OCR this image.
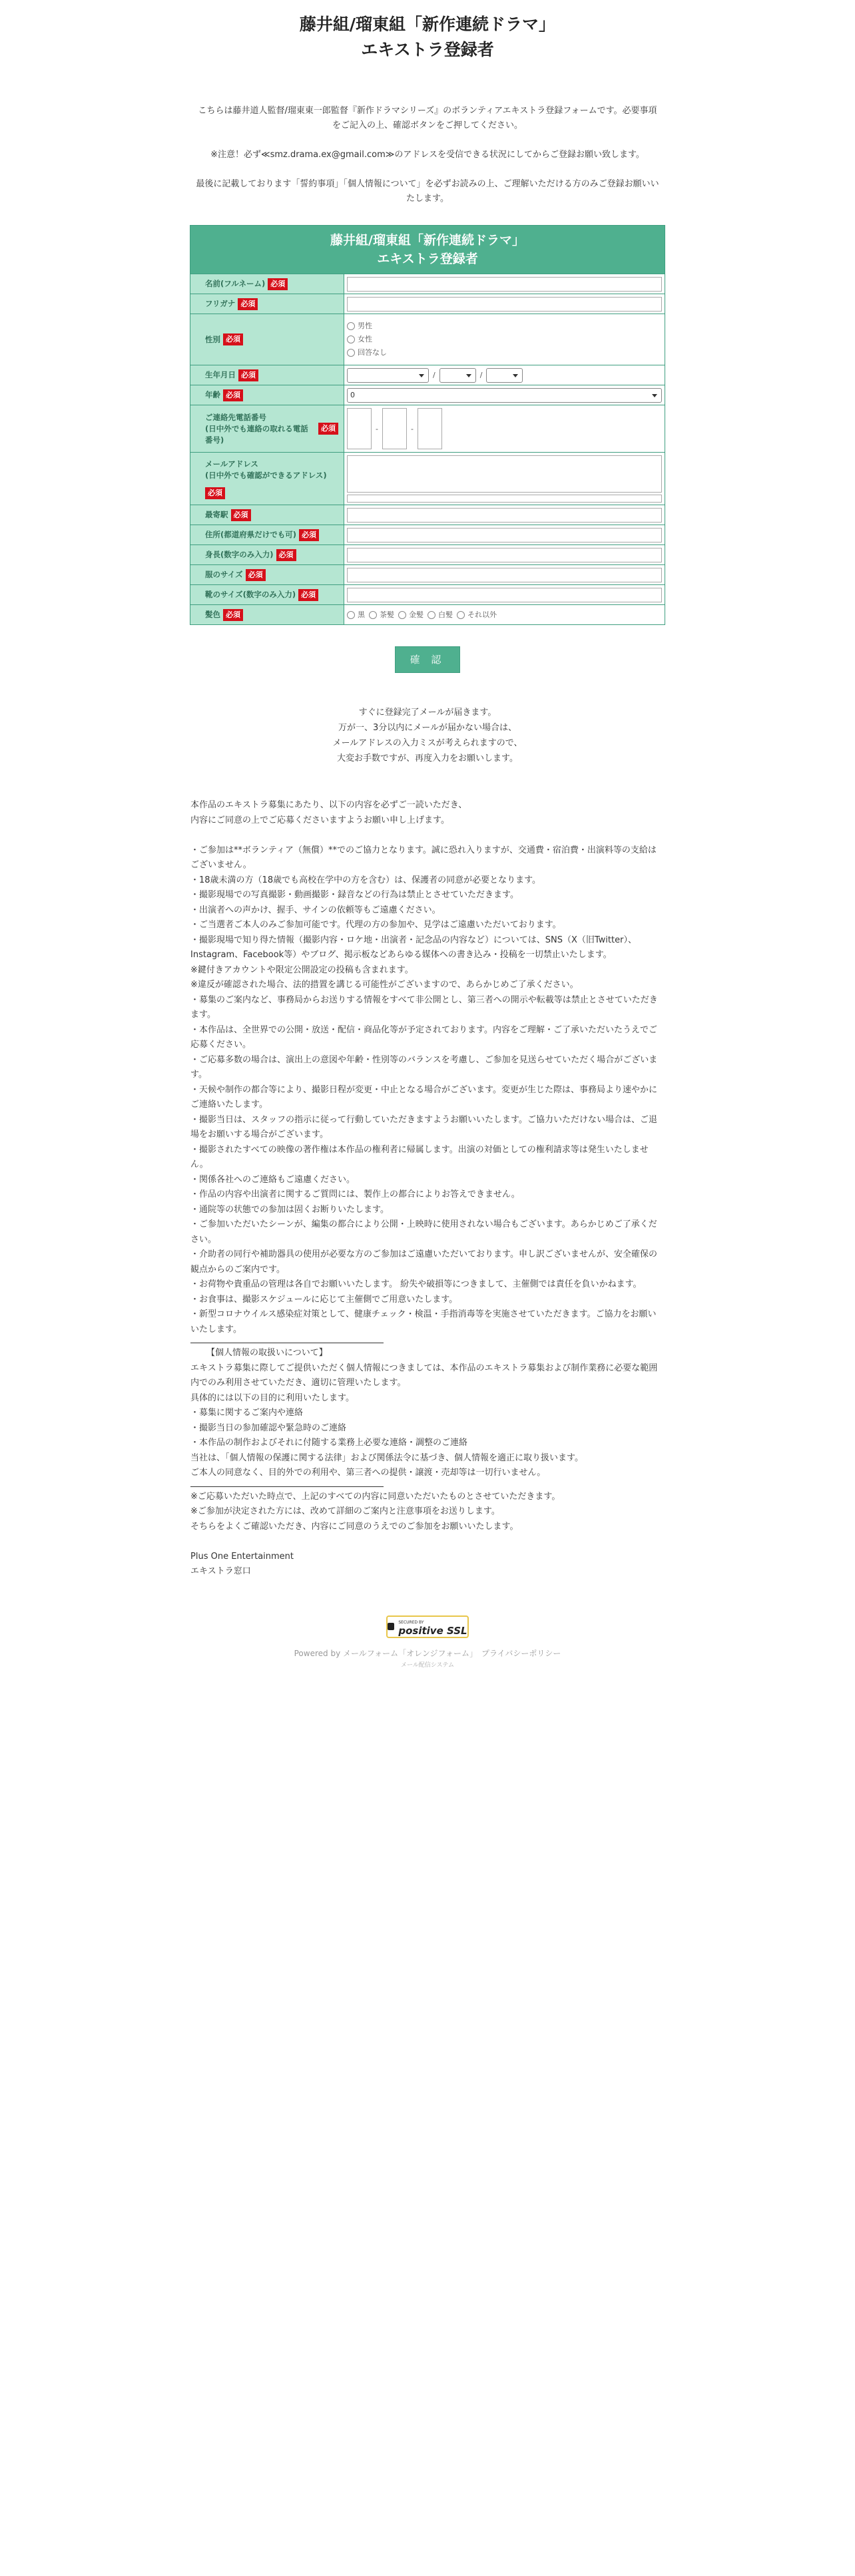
藤井組/瑠東組「新作連続ドラマ」
エキストラ登録者

こちらは藤井道人監督/瑠東東一郎監督『新作ドラマシリーズ』のボランティアエキストラ登録フォームです。必要事項をご記入の上、確認ボタンをご押してください。

※注意！必ず≪smz.drama.ex@gmail.com≫のアドレスを受信できる状況にしてからご登録お願い致します。

最後に記載しております「誓約事項」「個人情報について」を必ずお読みの上、ご理解いただける方のみご登録お願いいたします。

藤井組/瑠東組「新作連続ドラマ」
エキストラ登録者
名前(フルネーム) 必須
フリガナ 必須
性別 必須
男性
女性
回答なし
生年月日 必須	/	/
年齢 必須	0
ご連絡先電話番号
(日中外でも連絡の取れる電話番号)
必須	-	-
メールアドレス
(日中外でも確認ができるアドレス)
必須
最寄駅 必須
住所(都道府県だけでも可) 必須
身長(数字のみ入力) 必須
服のサイズ 必須
靴のサイズ(数字のみ入力) 必須
髪色 必須	黒 茶髪 金髪 白髪 それ以外
確 認
すぐに登録完了メールが届きます。
万が一、3分以内にメールが届かない場合は、
メールアドレスの入力ミスが考えられますので、
大変お手数ですが、再度入力をお願いします。

本作品のエキストラ募集にあたり、以下の内容を必ずご一読いただき、

内容にご同意の上でご応募くださいますようお願い申し上げます。

・ご参加は**ボランティア（無償）**でのご協力となります。誠に恐れ入りますが、交通費・宿泊費・出演料等の支給はございません。

・18歳未満の方（18歳でも高校在学中の方を含む）は、保護者の同意が必要となります。

・撮影現場での写真撮影・動画撮影・録音などの行為は禁止とさせていただきます。

・出演者への声かけ、握手、サインの依頼等もご遠慮ください。

・ご当選者ご本人のみご参加可能です。代理の方の参加や、見学はご遠慮いただいております。

・撮影現場で知り得た情報（撮影内容・ロケ地・出演者・記念品の内容など）については、SNS（X（旧Twitter）、Instagram、Facebook等）やブログ、掲示板などあらゆる媒体への書き込み・投稿を一切禁止いたします。

※鍵付きアカウントや限定公開設定の投稿も含まれます。

※違反が確認された場合、法的措置を講じる可能性がございますので、あらかじめご了承ください。

・募集のご案内など、事務局からお送りする情報をすべて非公開とし、第三者への開示や転載等は禁止とさせていただきます。

・本作品は、全世界での公開・放送・配信・商品化等が予定されております。内容をご理解・ご了承いただいたうえでご応募ください。

・ご応募多数の場合は、演出上の意図や年齢・性別等のバランスを考慮し、ご参加を見送らせていただく場合がございます。

・天候や制作の都合等により、撮影日程が変更・中止となる場合がございます。変更が生じた際は、事務局より速やかにご連絡いたします。

・撮影当日は、スタッフの指示に従って行動していただきますようお願いいたします。ご協力いただけない場合は、ご退場をお願いする場合がございます。

・撮影されたすべての映像の著作権は本作品の権利者に帰属します。出演の対価としての権利請求等は発生いたしません。

・関係各社へのご連絡もご遠慮ください。

・作品の内容や出演者に関するご質問には、製作上の都合によりお答えできません。

・通院等の状態での参加は固くお断りいたします。

・ご参加いただいたシーンが、編集の都合により公開・上映時に使用されない場合もございます。あらかじめご了承ください。

・介助者の同行や補助器具の使用が必要な方のご参加はご遠慮いただいております。申し訳ございませんが、安全確保の観点からのご案内です。

・お荷物や貴重品の管理は各自でお願いいたします。 紛失や破損等につきまして、主催側では責任を負いかねます。

・お食事は、撮影スケジュールに応じて主催側でご用意いたします。

・新型コロナウイルス感染症対策として、健康チェック・検温・手指消毒等を実施させていただきます。ご協力をお願いいたします。

【個人情報の取扱いについて】

エキストラ募集に際してご提供いただく個人情報につきましては、本作品のエキストラ募集および制作業務に必要な範囲内でのみ利用させていただき、適切に管理いたします。

具体的には以下の目的に利用いたします。

・募集に関するご案内や連絡

・撮影当日の参加確認や緊急時のご連絡

・本作品の制作およびそれに付随する業務上必要な連絡・調整のご連絡

当社は、「個人情報の保護に関する法律」および関係法令に基づき、個人情報を適正に取り扱います。

ご本人の同意なく、目的外での利用や、第三者への提供・譲渡・売却等は一切行いません。

※ご応募いただいた時点で、上記のすべての内容に同意いただいたものとさせていただきます。

※ご参加が決定された方には、改めて詳細のご案内と注意事項をお送りします。

そちらをよくご確認いただき、内容にご同意のうえでのご参加をお願いいたします。

Plus One Entertainment

エキストラ窓口

SECURED BY
positive SSL
Powered by メールフォーム「オレンジフォーム」　プライバシーポリシー
メール配信システム
